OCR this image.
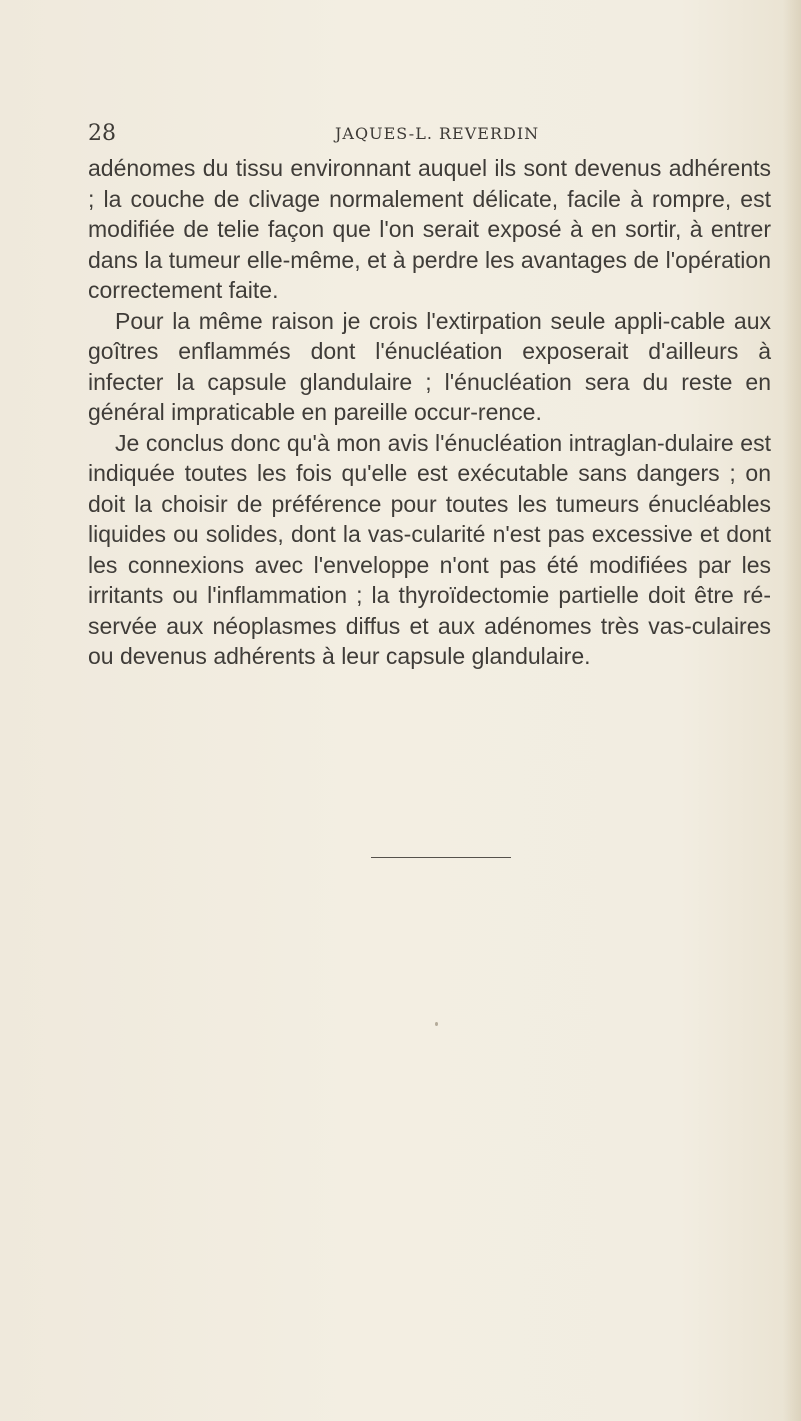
28	JAQUES-L. REVERDIN

adénomes du tissu environnant auquel ils sont devenus adhérents ; la couche de clivage normalement délicate, facile à rompre, est modifiée de telie façon que l'on serait exposé à en sortir, à entrer dans la tumeur elle-même, et à perdre les avantages de l'opération correctement faite.

Pour la même raison je crois l'extirpation seule appli-cable aux goîtres enflammés dont l'énucléation exposerait d'ailleurs à infecter la capsule glandulaire ; l'énucléation sera du reste en général impraticable en pareille occur-rence.

Je conclus donc qu'à mon avis l'énucléation intraglan-dulaire est indiquée toutes les fois qu'elle est exécutable sans dangers ; on doit la choisir de préférence pour toutes les tumeurs énucléables liquides ou solides, dont la vas-cularité n'est pas excessive et dont les connexions avec l'enveloppe n'ont pas été modifiées par les irritants ou l'inflammation ; la thyroïdectomie partielle doit être ré-servée aux néoplasmes diffus et aux adénomes très vas-culaires ou devenus adhérents à leur capsule glandulaire.
